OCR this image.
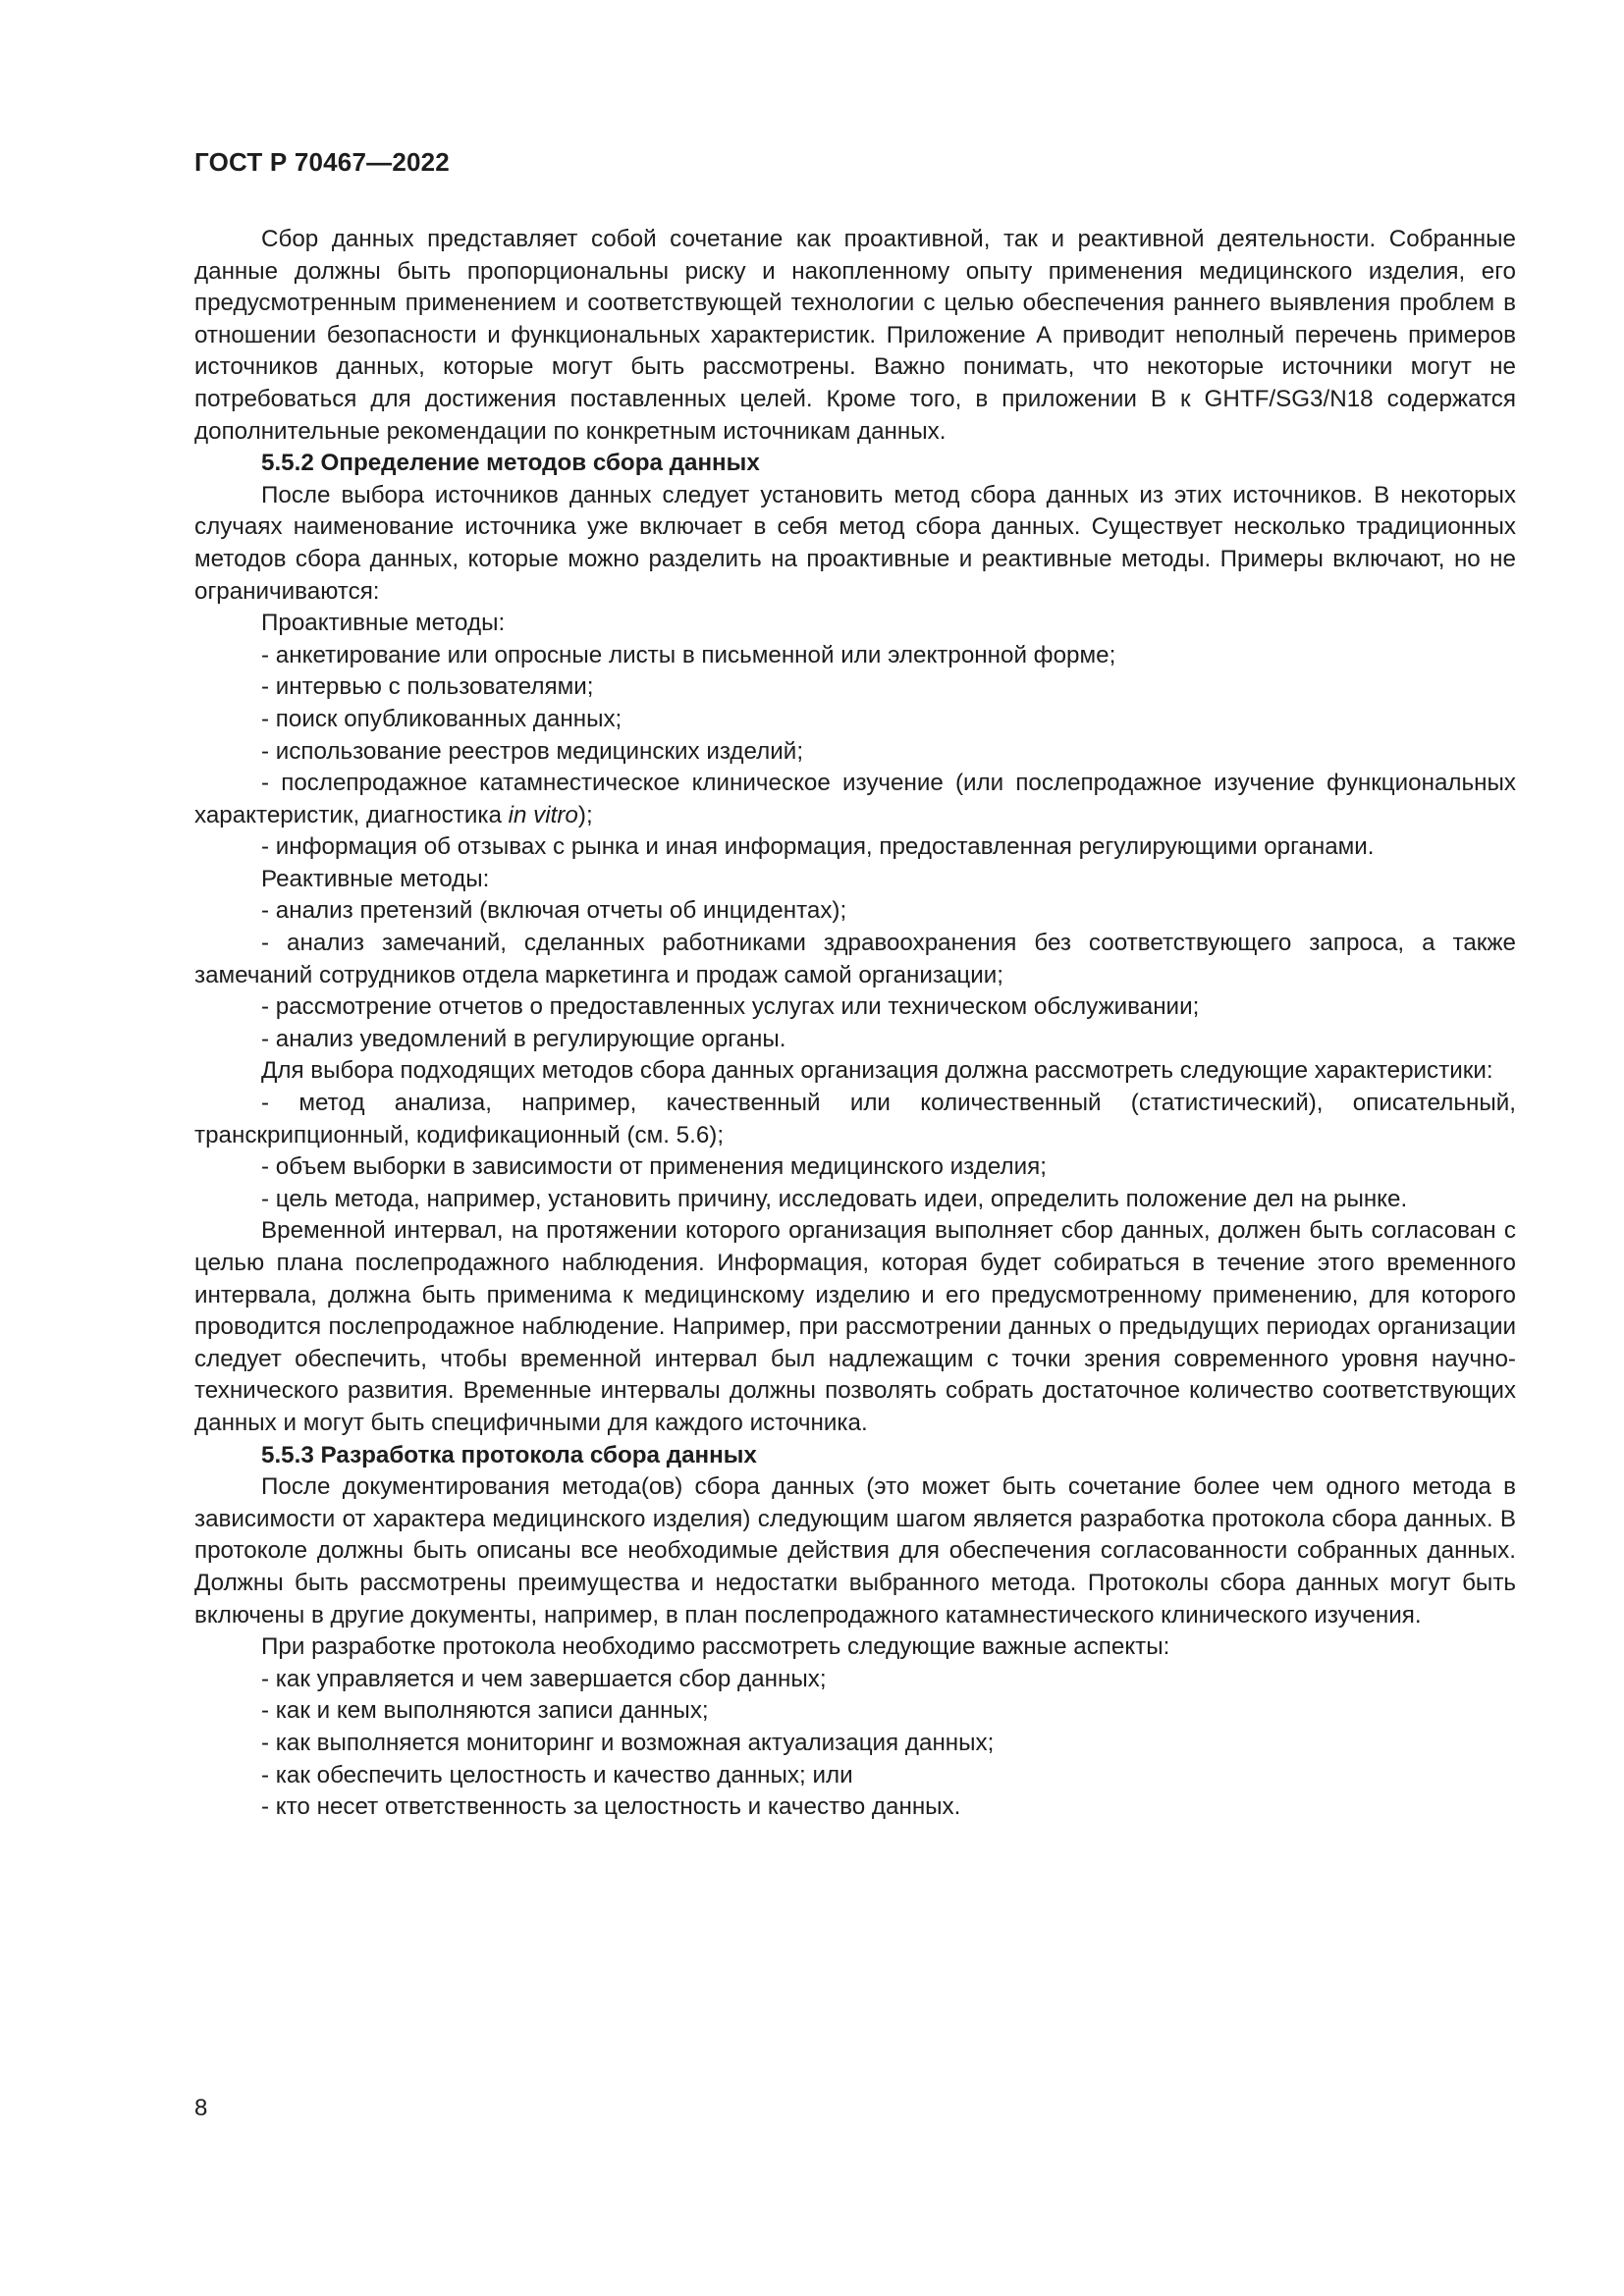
ГОСТ Р 70467—2022

Сбор данных представляет собой сочетание как проактивной, так и реактивной деятельности. Собранные данные должны быть пропорциональны риску и накопленному опыту применения медицинского изделия, его предусмотренным применением и соответствующей технологии с целью обеспечения раннего выявления проблем в отношении безопасности и функциональных характеристик. Приложение А приводит неполный перечень примеров источников данных, которые могут быть рассмотрены. Важно понимать, что некоторые источники могут не потребоваться для достижения поставленных целей. Кроме того, в приложении В к GHTF/SG3/N18 содержатся дополнительные рекомендации по конкретным источникам данных.

5.5.2 Определение методов сбора данных

После выбора источников данных следует установить метод сбора данных из этих источников. В некоторых случаях наименование источника уже включает в себя метод сбора данных. Существует несколько традиционных методов сбора данных, которые можно разделить на проактивные и реактивные методы. Примеры включают, но не ограничиваются:

Проактивные методы:

- анкетирование или опросные листы в письменной или электронной форме;
- интервью с пользователями;
- поиск опубликованных данных;
- использование реестров медицинских изделий;
- послепродажное катамнестическое клиническое изучение (или послепродажное изучение функциональных характеристик, диагностика in vitro);
- информация об отзывах с рынка и иная информация, предоставленная регулирующими органами.

Реактивные методы:

- анализ претензий (включая отчеты об инцидентах);
- анализ замечаний, сделанных работниками здравоохранения без соответствующего запроса, а также замечаний сотрудников отдела маркетинга и продаж самой организации;
- рассмотрение отчетов о предоставленных услугах или техническом обслуживании;
- анализ уведомлений в регулирующие органы.

Для выбора подходящих методов сбора данных организация должна рассмотреть следующие характеристики:

- метод анализа, например, качественный или количественный (статистический), описательный, транскрипционный, кодификационный (см. 5.6);
- объем выборки в зависимости от применения медицинского изделия;
- цель метода, например, установить причину, исследовать идеи, определить положение дел на рынке.

Временной интервал, на протяжении которого организация выполняет сбор данных, должен быть согласован с целью плана послепродажного наблюдения. Информация, которая будет собираться в течение этого временного интервала, должна быть применима к медицинскому изделию и его предусмотренному применению, для которого проводится послепродажное наблюдение. Например, при рассмотрении данных о предыдущих периодах организации следует обеспечить, чтобы временной интервал был надлежащим с точки зрения современного уровня научно-технического развития. Временные интервалы должны позволять собрать достаточное количество соответствующих данных и могут быть специфичными для каждого источника.

5.5.3 Разработка протокола сбора данных

После документирования метода(ов) сбора данных (это может быть сочетание более чем одного метода в зависимости от характера медицинского изделия) следующим шагом является разработка протокола сбора данных. В протоколе должны быть описаны все необходимые действия для обеспечения согласованности собранных данных. Должны быть рассмотрены преимущества и недостатки выбранного метода. Протоколы сбора данных могут быть включены в другие документы, например, в план послепродажного катамнестического клинического изучения.

При разработке протокола необходимо рассмотреть следующие важные аспекты:

- как управляется и чем завершается сбор данных;
- как и кем выполняются записи данных;
- как выполняется мониторинг и возможная актуализация данных;
- как обеспечить целостность и качество данных; или
- кто несет ответственность за целостность и качество данных.
8
